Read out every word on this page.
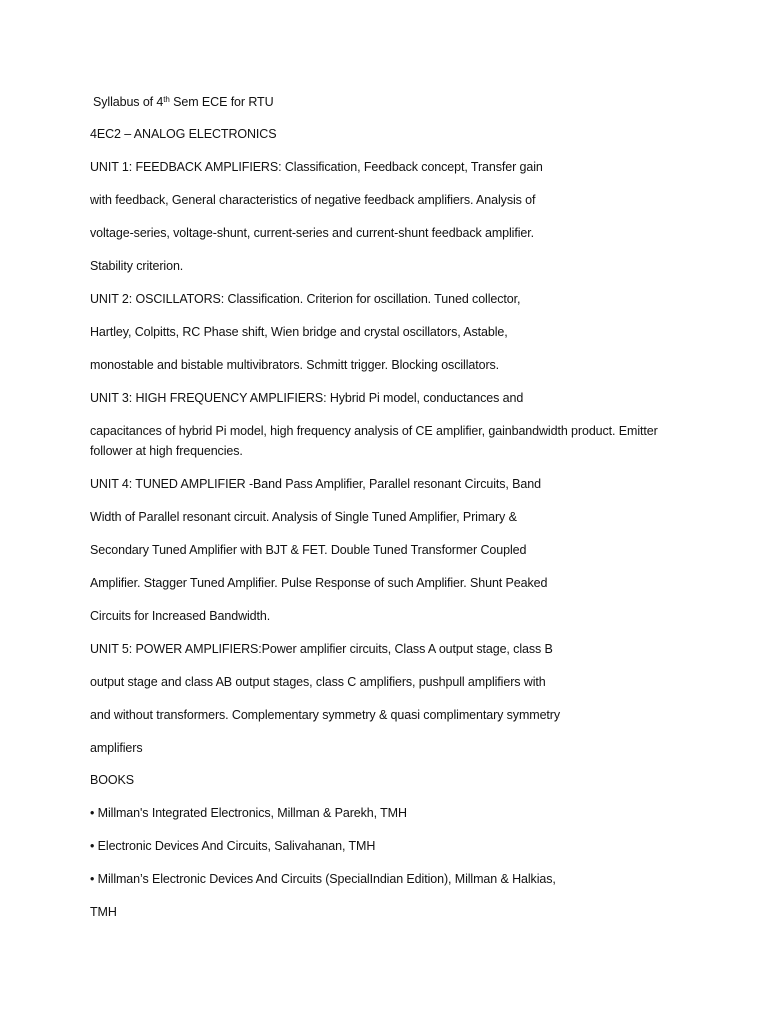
Syllabus of 4th Sem ECE for RTU
4EC2 – ANALOG ELECTRONICS
UNIT 1: FEEDBACK AMPLIFIERS: Classification, Feedback concept, Transfer gain
with feedback, General characteristics of negative feedback amplifiers. Analysis of
voltage-series, voltage-shunt, current-series and current-shunt feedback amplifier.
Stability criterion.
UNIT 2: OSCILLATORS: Classification. Criterion for oscillation. Tuned collector,
Hartley, Colpitts, RC Phase shift, Wien bridge and crystal oscillators, Astable,
monostable and bistable multivibrators. Schmitt trigger. Blocking oscillators.
UNIT 3: HIGH FREQUENCY AMPLIFIERS: Hybrid Pi model, conductances and
capacitances of hybrid Pi model, high frequency analysis of CE amplifier, gainbandwidth product. Emitter follower at high frequencies.
UNIT 4: TUNED AMPLIFIER -Band Pass Amplifier, Parallel resonant Circuits, Band
Width of Parallel resonant circuit. Analysis of Single Tuned Amplifier, Primary &
Secondary Tuned Amplifier with BJT & FET. Double Tuned Transformer Coupled
Amplifier. Stagger Tuned Amplifier. Pulse Response of such Amplifier. Shunt Peaked
Circuits for Increased Bandwidth.
UNIT 5: POWER AMPLIFIERS:Power amplifier circuits, Class A output stage, class B
output stage and class AB output stages, class C amplifiers, pushpull amplifiers with
and without transformers. Complementary symmetry & quasi complimentary symmetry
amplifiers
BOOKS
• Millman's Integrated Electronics, Millman & Parekh, TMH
• Electronic Devices And Circuits, Salivahanan, TMH
• Millman’s Electronic Devices And Circuits (SpecialIndian Edition), Millman & Halkias,
TMH
